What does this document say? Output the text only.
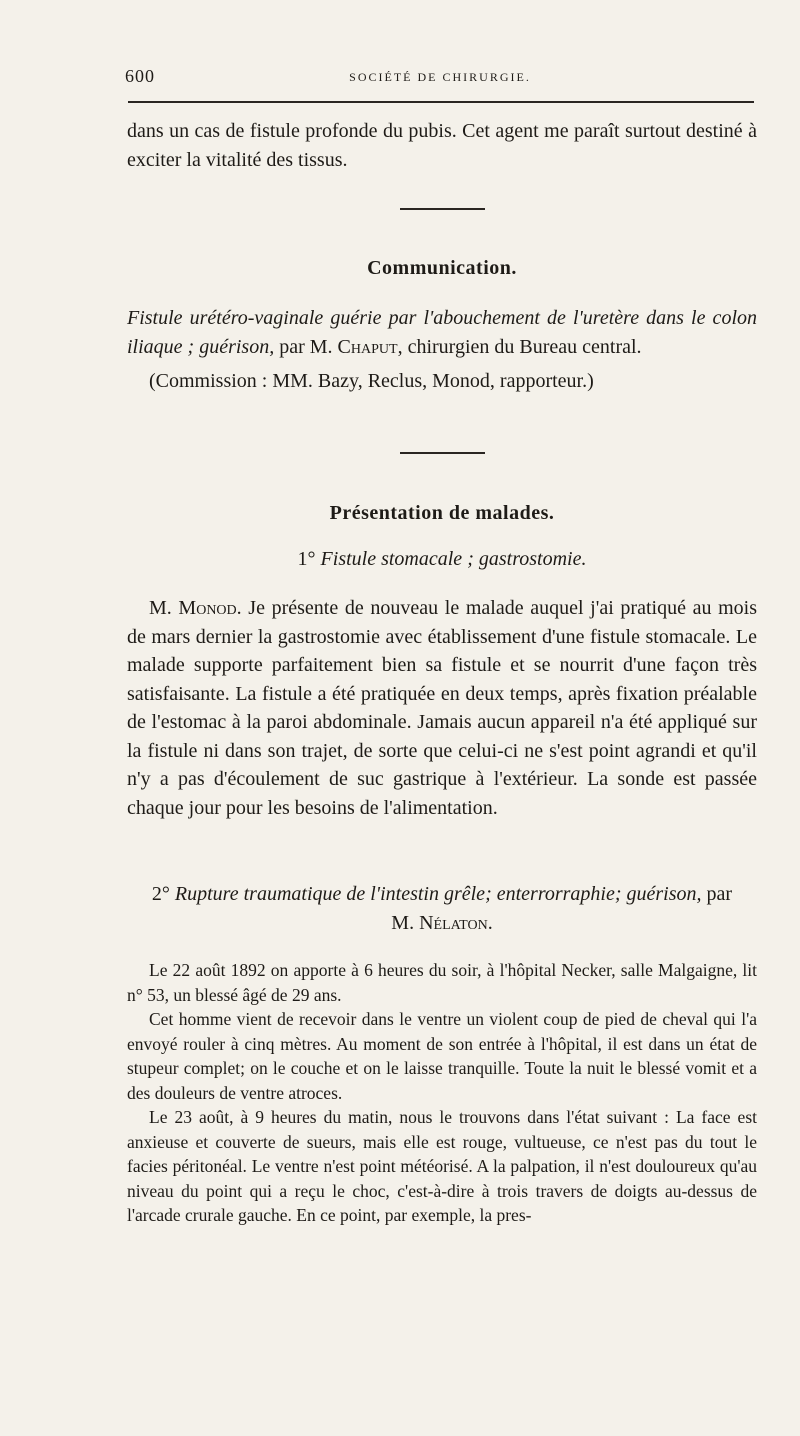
600	SOCIÉTÉ DE CHIRURGIE.

dans un cas de fistule profonde du pubis. Cet agent me paraît surtout destiné à exciter la vitalité des tissus.

Communication.

Fistule urétéro-vaginale guérie par l'abouchement de l'uretère dans le colon iliaque ; guérison, par M. Chaput, chirurgien du Bureau central.

(Commission : MM. Bazy, Reclus, Monod, rapporteur.)

Présentation de malades.
1° Fistule stomacale ; gastrostomie.

M. Monod. Je présente de nouveau le malade auquel j'ai pratiqué au mois de mars dernier la gastrostomie avec établissement d'une fistule stomacale. Le malade supporte parfaitement bien sa fistule et se nourrit d'une façon très satisfaisante. La fistule a été pratiquée en deux temps, après fixation préalable de l'estomac à la paroi abdominale. Jamais aucun appareil n'a été appliqué sur la fistule ni dans son trajet, de sorte que celui-ci ne s'est point agrandi et qu'il n'y a pas d'écoulement de suc gastrique à l'extérieur. La sonde est passée chaque jour pour les besoins de l'alimentation.

2° Rupture traumatique de l'intestin grêle; enterrorraphie; guérison, par M. Nélaton.

Le 22 août 1892 on apporte à 6 heures du soir, à l'hôpital Necker, salle Malgaigne, lit n° 53, un blessé âgé de 29 ans.

Cet homme vient de recevoir dans le ventre un violent coup de pied de cheval qui l'a envoyé rouler à cinq mètres. Au moment de son entrée à l'hôpital, il est dans un état de stupeur complet; on le couche et on le laisse tranquille. Toute la nuit le blessé vomit et a des douleurs de ventre atroces.

Le 23 août, à 9 heures du matin, nous le trouvons dans l'état suivant : La face est anxieuse et couverte de sueurs, mais elle est rouge, vultueuse, ce n'est pas du tout le facies péritonéal. Le ventre n'est point météorisé. A la palpation, il n'est douloureux qu'au niveau du point qui a reçu le choc, c'est-à-dire à trois travers de doigts au-dessus de l'arcade crurale gauche. En ce point, par exemple, la pres-
